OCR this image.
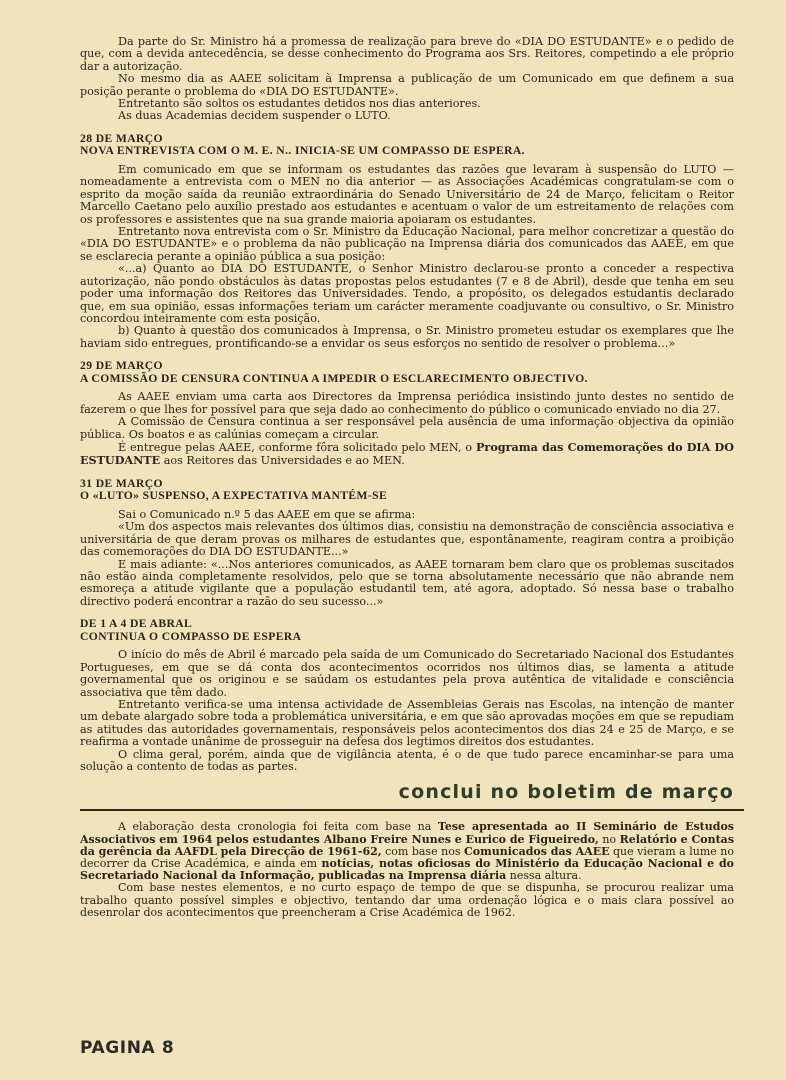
Da parte do Sr. Ministro há a promessa de realização para breve do «DIA DO ESTUDANTE» e o pedido de que, com a devida antecedência, se desse conhecimento do Programa aos Srs. Reitores, competindo a ele próprio dar a autorização.

No mesmo dia as AAEE solicitam à Imprensa a publicação de um Comunicado em que definem a sua posição perante o problema do «DIA DO ESTUDANTE».

Entretanto são soltos os estudantes detidos nos dias anteriores.

As duas Academias decidem suspender o LUTO.

28 DE MARÇO
NOVA ENTREVISTA COM O M. E. N.. INICIA-SE UM COMPASSO DE ESPERA.

Em comunicado em que se informam os estudantes das razões que levaram à suspensão do LUTO — nomeadamente a entrevista com o MEN no dia anterior — as Associações Académicas congratulam-se com o esprito da moção saída da reunião extraordinária do Senado Universitário de 24 de Março, felicitam o Reitor Marcello Caetano pelo auxílio prestado aos estudantes e acentuam o valor de um estreitamento de relações com os professores e assistentes que na sua grande maioria apoiaram os estudantes.

Entretanto nova entrevista com o Sr. Ministro da Educação Nacional, para melhor concretizar a questão do «DIA DO ESTUDANTE» e o problema da não publicação na Imprensa diária dos comunicados das AAEE, em que se esclarecia perante a opinião pública a sua posição:

«...a) Quanto ao DIA DO ESTUDANTE, o Senhor Ministro declarou-se pronto a conceder a respectiva autorização, não pondo obstáculos às datas propostas pelos estudantes (7 e 8 de Abril), desde que tenha em seu poder uma informação dos Reitores das Universidades. Tendo, a propósito, os delegados estudantis declarado que, em sua opinião, essas informações teriam um carácter meramente coadjuvante ou consultivo, o Sr. Ministro concordou inteiramente com esta posição.

b) Quanto à questão dos comunicados à Imprensa, o Sr. Ministro prometeu estudar os exemplares que lhe haviam sido entregues, prontificando-se a envidar os seus esforços no sentido de resolver o problema...»

29 DE MARÇO
A COMISSÃO DE CENSURA CONTINUA A IMPEDIR O ESCLARECIMENTO OBJECTIVO.

As AAEE enviam uma carta aos Directores da Imprensa periódica insistindo junto destes no sentido de fazerem o que lhes for possível para que seja dado ao conhecimento do público o comunicado enviado no dia 27.

A Comissão de Censura continua a ser responsável pela ausência de uma informação objectiva da opinião pública. Os boatos e as calúnias começam a circular.

É entregue pelas AAEE, conforme fôra solicitado pelo MEN, o Programa das Comemorações do DIA DO ESTUDANTE aos Reitores das Universidades e ao MEN.

31 DE MARÇO
O «LUTO» SUSPENSO, A EXPECTATIVA MANTÉM-SE

Sai o Comunicado n.º 5 das AAEE em que se afirma:

«Um dos aspectos mais relevantes dos últimos dias, consistiu na demonstração de consciência associativa e universitária de que deram provas os milhares de estudantes que, espontânamente, reagiram contra a proibição das comemorações do DIA DO ESTUDANTE...»

E mais adiante: «...Nos anteriores comunicados, as AAEE tornaram bem claro que os problemas suscitados não estão ainda completamente resolvidos, pelo que se torna absolutamente necessário que não abrande nem esmoreça a atitude vigilante que a população estudantil tem, até agora, adoptado. Só nessa base o trabalho directivo poderá encontrar a razão do seu sucesso...»

DE 1 A 4 DE ABRAL
CONTINUA O COMPASSO DE ESPERA

O início do mês de Abril é marcado pela saída de um Comunicado do Secretariado Nacional dos Estudantes Portugueses, em que se dá conta dos acontecimentos ocorridos nos últimos dias, se lamenta a atitude governamental que os originou e se saúdam os estudantes pela prova autêntica de vitalidade e consciência associativa que têm dado.

Entretanto verifica-se uma intensa actividade de Assembleias Gerais nas Escolas, na intenção de manter um debate alargado sobre toda a problemática universitária, e em que são aprovadas moções em que se repudiam as atitudes das autoridades governamentais, responsáveis pelos acontecimentos dos dias 24 e 25 de Março, e se reafirma a vontade unânime de prosseguir na defesa dos legtimos direitos dos estudantes.

O clima geral, porém, ainda que de vigilância atenta, é o de que tudo parece encaminhar-se para uma solução a contento de todas as partes.

conclui no boletim de março

A elaboração desta cronologia foi feita com base na Tese apresentada ao II Seminário de Estudos Associativos em 1964 pelos estudantes Albano Freire Nunes e Eurico de Figueiredo, no Relatório e Contas da gerência da AAFDL pela Direcção de 1961-62, com base nos Comunicados das AAEE que vieram a lume no decorrer da Crise Académica, e ainda em notícias, notas oficiosas do Ministério da Educação Nacional e do Secretariado Nacional da Informação, publicadas na Imprensa diária nessa altura.

Com base nestes elementos, e no curto espaço de tempo de que se dispunha, se procurou realizar uma trabalho quanto possível simples e objectivo, tentando dar uma ordenação lógica e o mais clara possível ao desenrolar dos acontecimentos que preencheram a Crise Académica de 1962.

PAGINA 8
